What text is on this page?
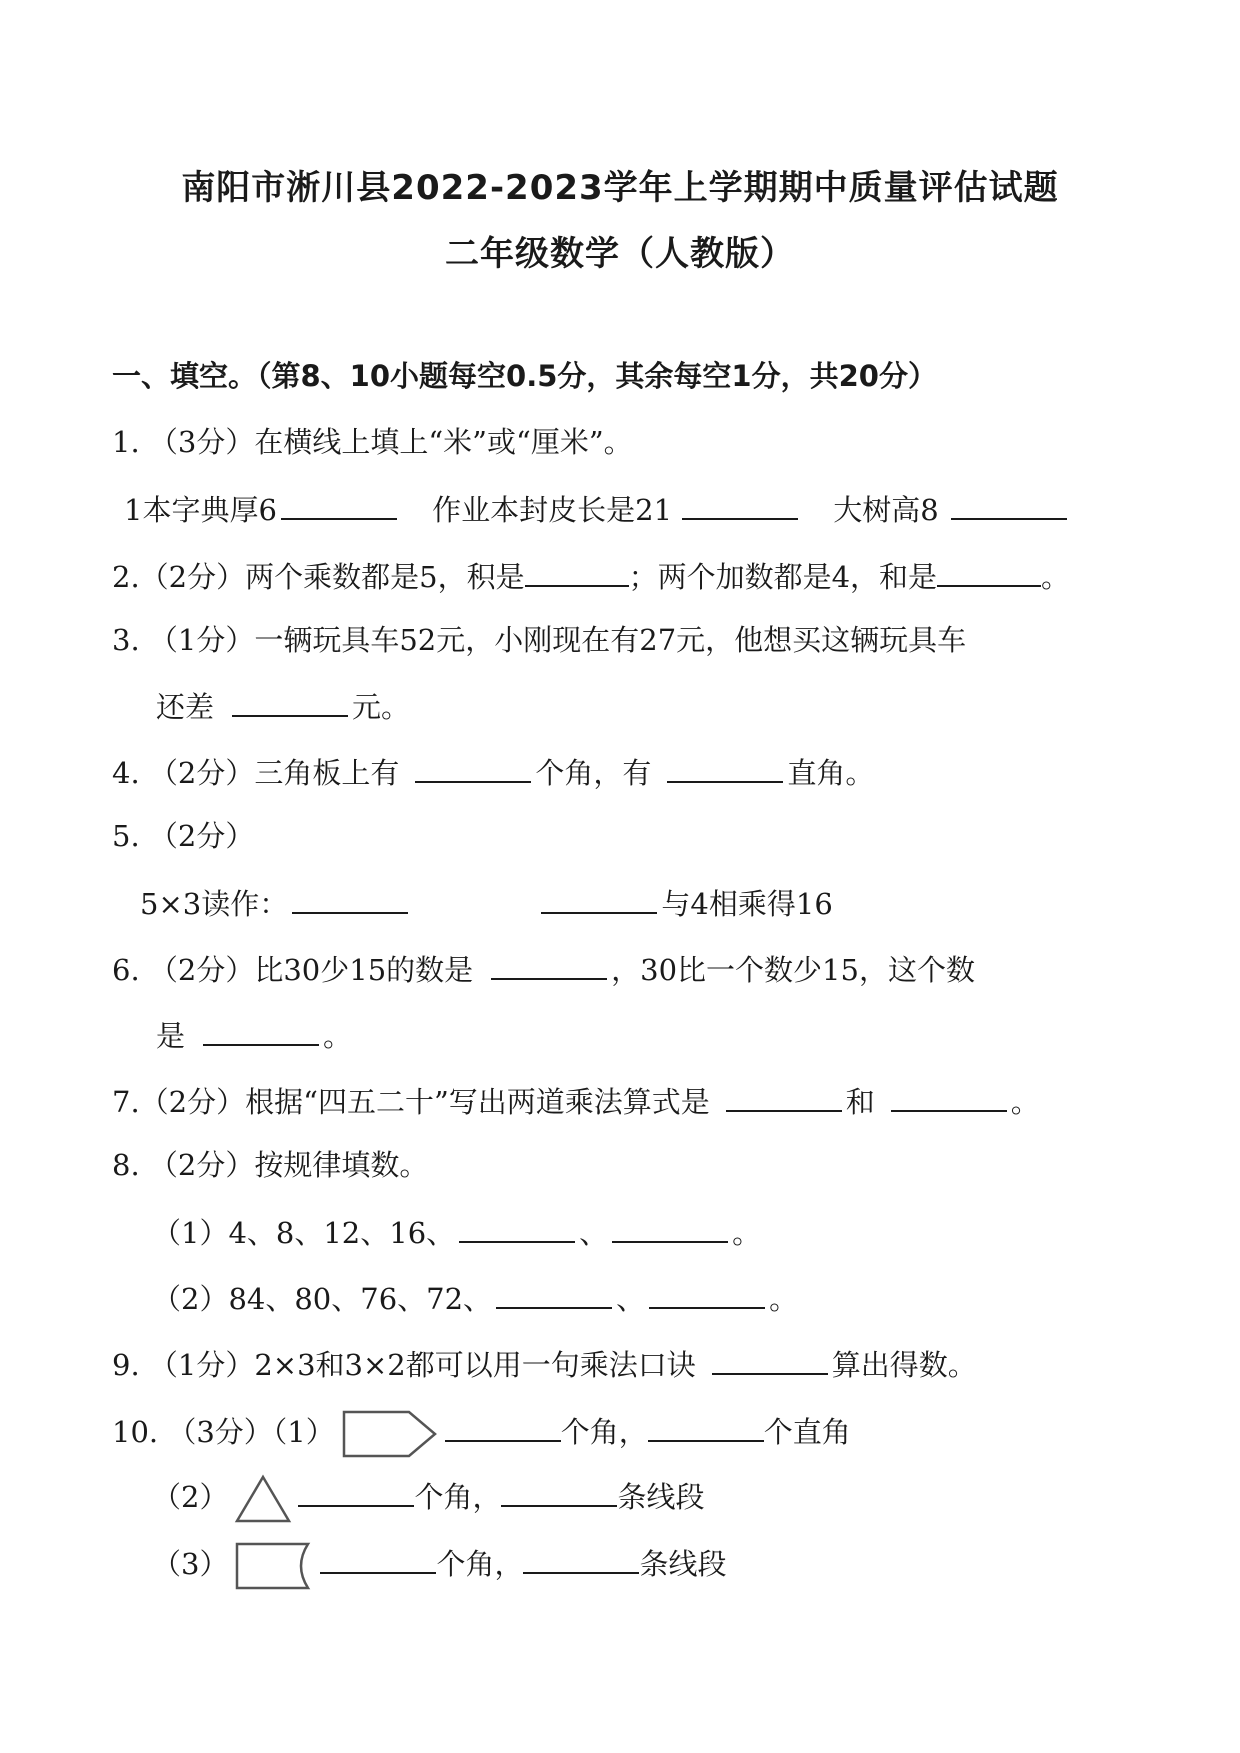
南阳市淅川县2022-2023学年上学期期中质量评估试题
二年级数学（人教版）
一、填空。（第8、10小题每空0.5分，其余每空1分，共20分）
1. （3分）在横线上填上“米”或“厘米”。
1本字典厚6	作业本封皮长是21	大树高8
2.（2分）两个乘数都是5，积是	；两个加数都是4，和是	。
3. （1分）一辆玩具车52元，小刚现在有27元，他想买这辆玩具车
还差	元。
4. （2分）三角板上有	个角，有	直角。
5. （2分）
5×3读作：	与4相乘得16
6. （2分）比30少15的数是	，30比一个数少15，这个数
是	。
7.（2分）根据“四五二十”写出两道乘法算式是	和	。
8. （2分）按规律填数。
（1）4、8、12、16、	、	。
（2）84、80、76、72、	、	。
9. （1分）2×3和3×2都可以用一句乘法口诀	算出得数。
10. （3分）（1）	个角，	个直角
（2）	个角，	条线段
（3）	个角，	条线段
